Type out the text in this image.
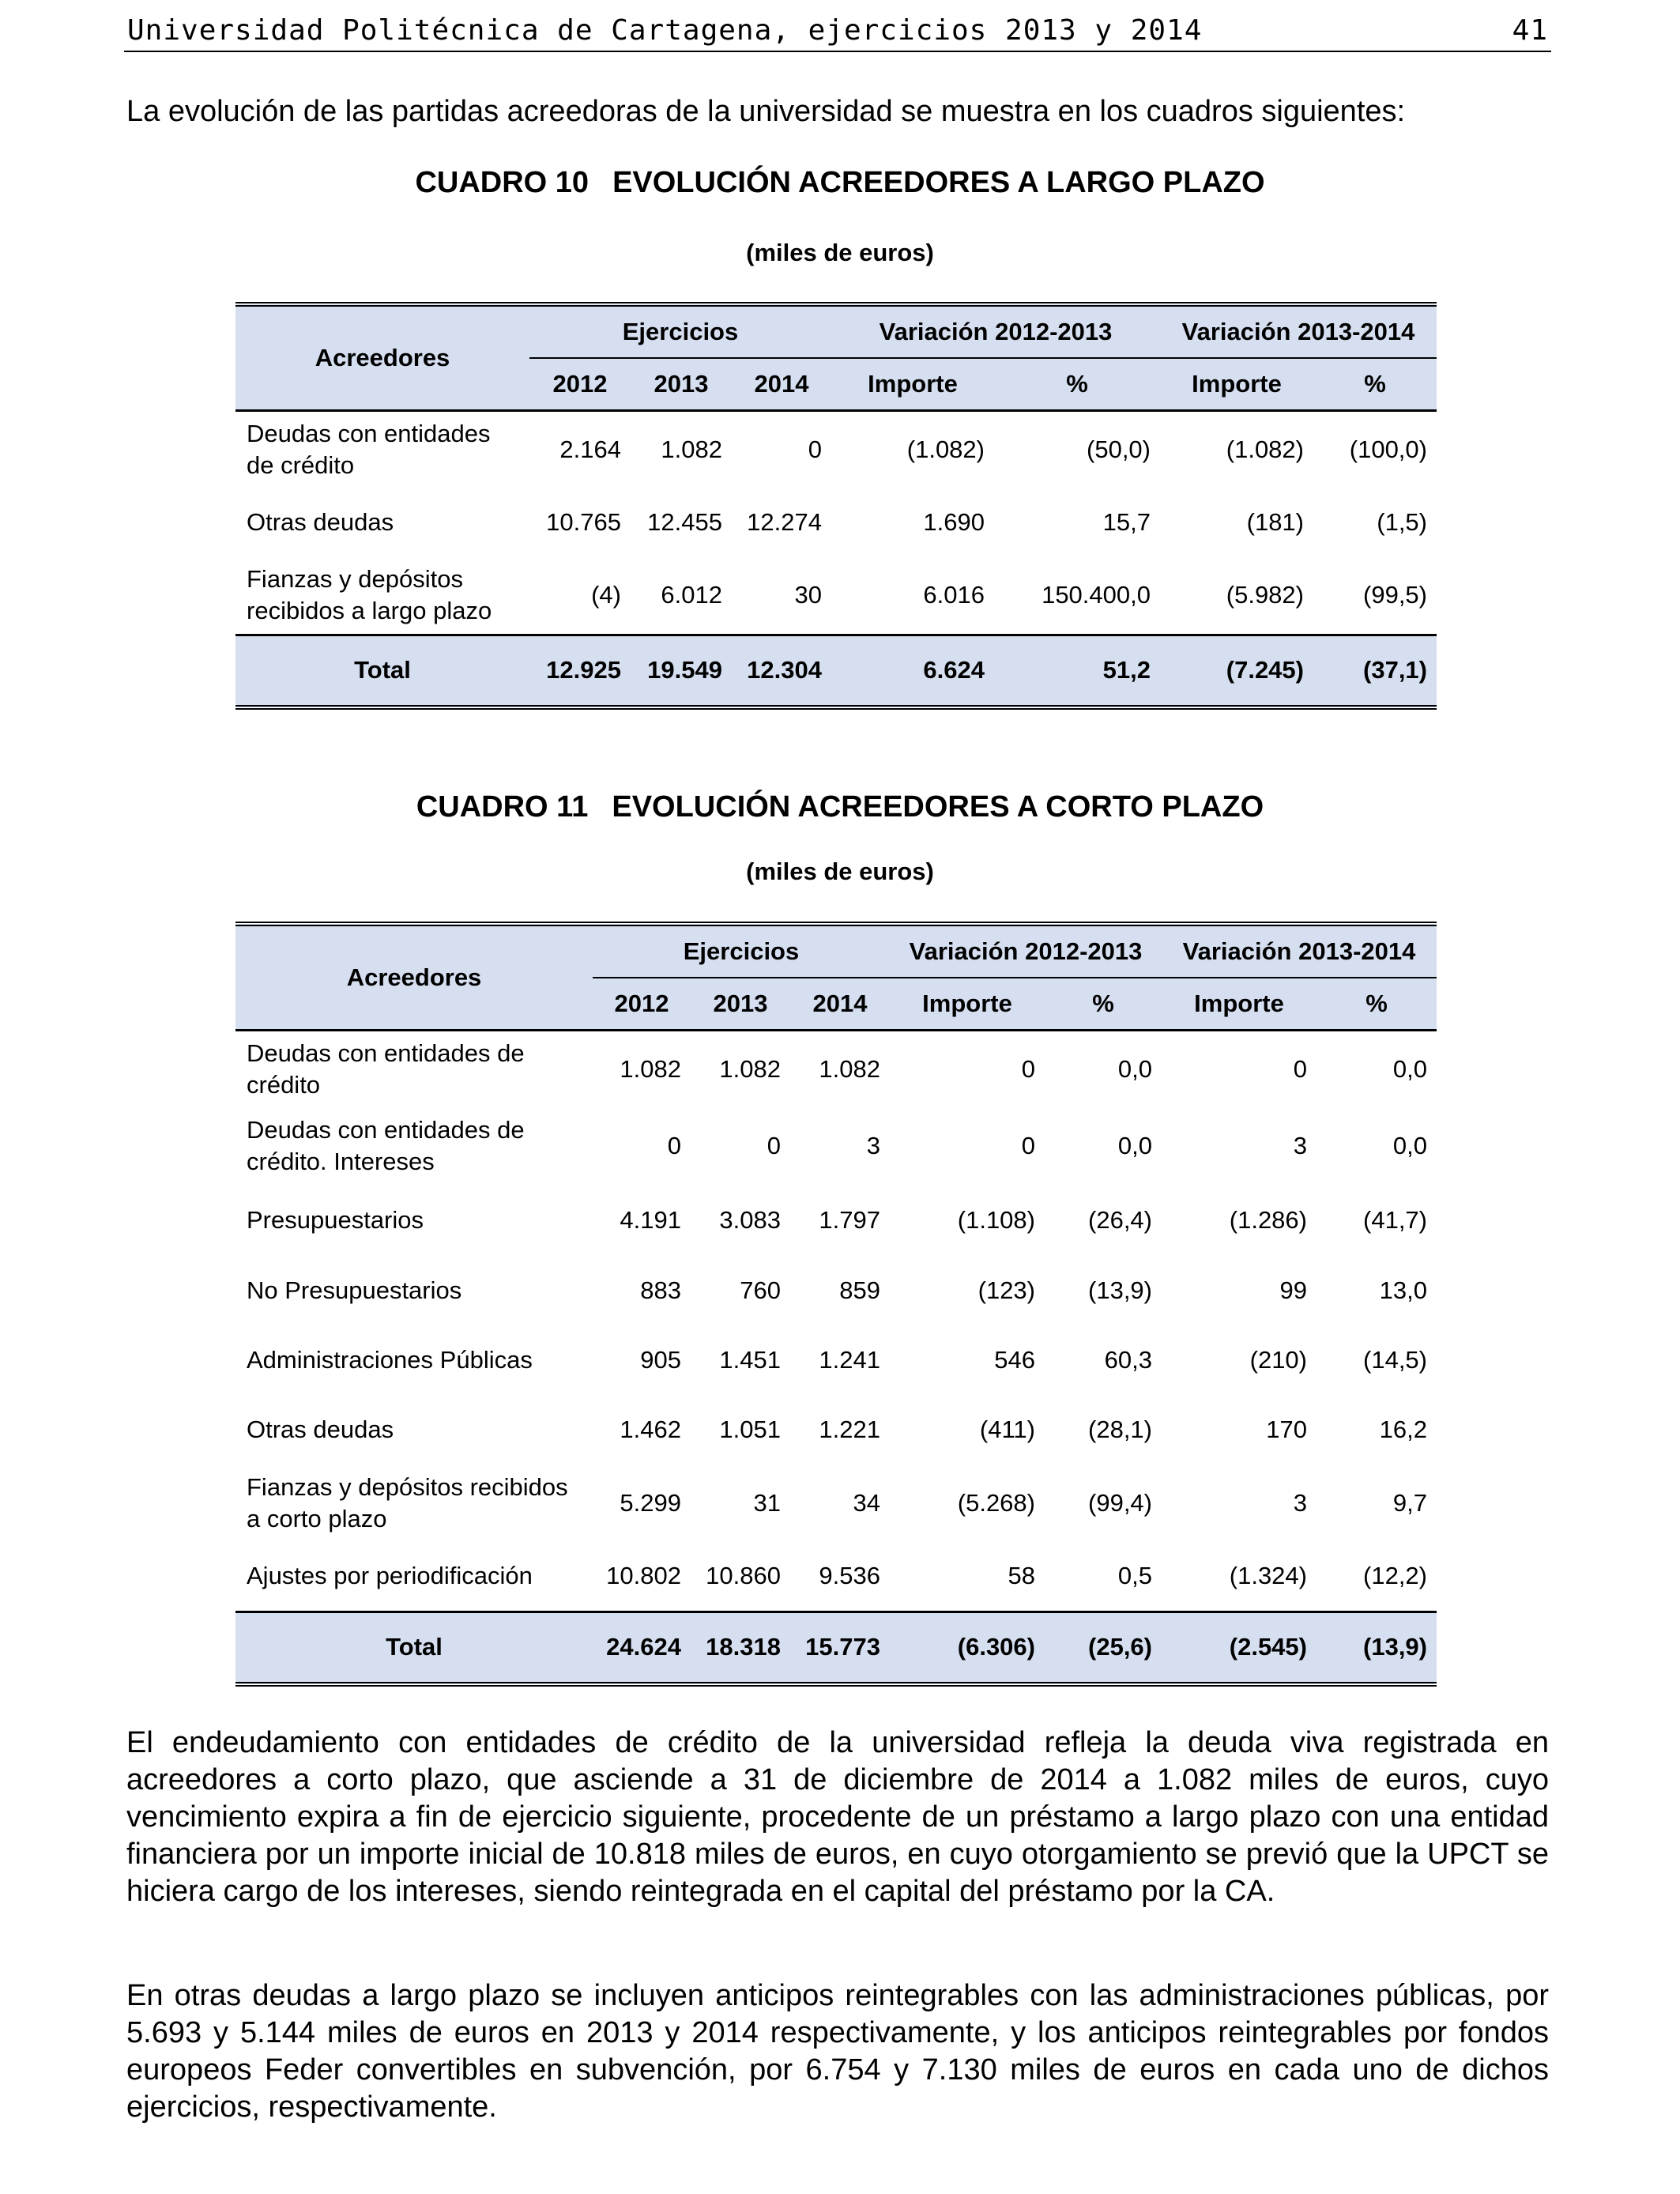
Universidad Politécnica de Cartagena, ejercicios 2013 y 2014	41
La evolución de las partidas acreedoras de la universidad se muestra en los cuadros siguientes:
CUADRO 10 EVOLUCIÓN ACREEDORES A LARGO PLAZO
(miles de euros)
Acreedores	Ejercicios			Variación 2012-2013		Variación 2013-2014	
	2012	2013	2014	Importe	%	Importe	%
Deudas con entidades de crédito	2.164	1.082	0	(1.082)	(50,0)	(1.082)	(100,0)
Otras deudas	10.765	12.455	12.274	1.690	15,7	(181)	(1,5)
Fianzas y depósitos recibidos a largo plazo	(4)	6.012	30	6.016	150.400,0	(5.982)	(99,5)
Total	12.925	19.549	12.304	6.624	51,2	(7.245)	(37,1)
CUADRO 11 EVOLUCIÓN ACREEDORES A CORTO PLAZO
(miles de euros)
Acreedores	Ejercicios			Variación 2012-2013		Variación 2013-2014	
	2012	2013	2014	Importe	%	Importe	%
Deudas con entidades de crédito	1.082	1.082	1.082	0	0,0	0	0,0
Deudas con entidades de crédito. Intereses	0	0	3	0	0,0	3	0,0
Presupuestarios	4.191	3.083	1.797	(1.108)	(26,4)	(1.286)	(41,7)
No Presupuestarios	883	760	859	(123)	(13,9)	99	13,0
Administraciones Públicas	905	1.451	1.241	546	60,3	(210)	(14,5)
Otras deudas	1.462	1.051	1.221	(411)	(28,1)	170	16,2
Fianzas y depósitos recibidos a corto plazo	5.299	31	34	(5.268)	(99,4)	3	9,7
Ajustes por periodificación	10.802	10.860	9.536	58	0,5	(1.324)	(12,2)
Total	24.624	18.318	15.773	(6.306)	(25,6)	(2.545)	(13,9)
El endeudamiento con entidades de crédito de la universidad refleja la deuda viva registrada en acreedores a corto plazo, que asciende a 31 de diciembre de 2014 a 1.082 miles de euros, cuyo vencimiento expira a fin de ejercicio siguiente, procedente de un préstamo a largo plazo con una entidad financiera por un importe inicial de 10.818 miles de euros, en cuyo otorgamiento se previó que la UPCT se hiciera cargo de los intereses, siendo reintegrada en el capital del préstamo por la CA.
En otras deudas a largo plazo se incluyen anticipos reintegrables con las administraciones públicas, por 5.693 y 5.144 miles de euros en 2013 y 2014 respectivamente, y los anticipos reintegrables por fondos europeos Feder convertibles en subvención, por 6.754 y 7.130 miles de euros en cada uno de dichos ejercicios, respectivamente.
